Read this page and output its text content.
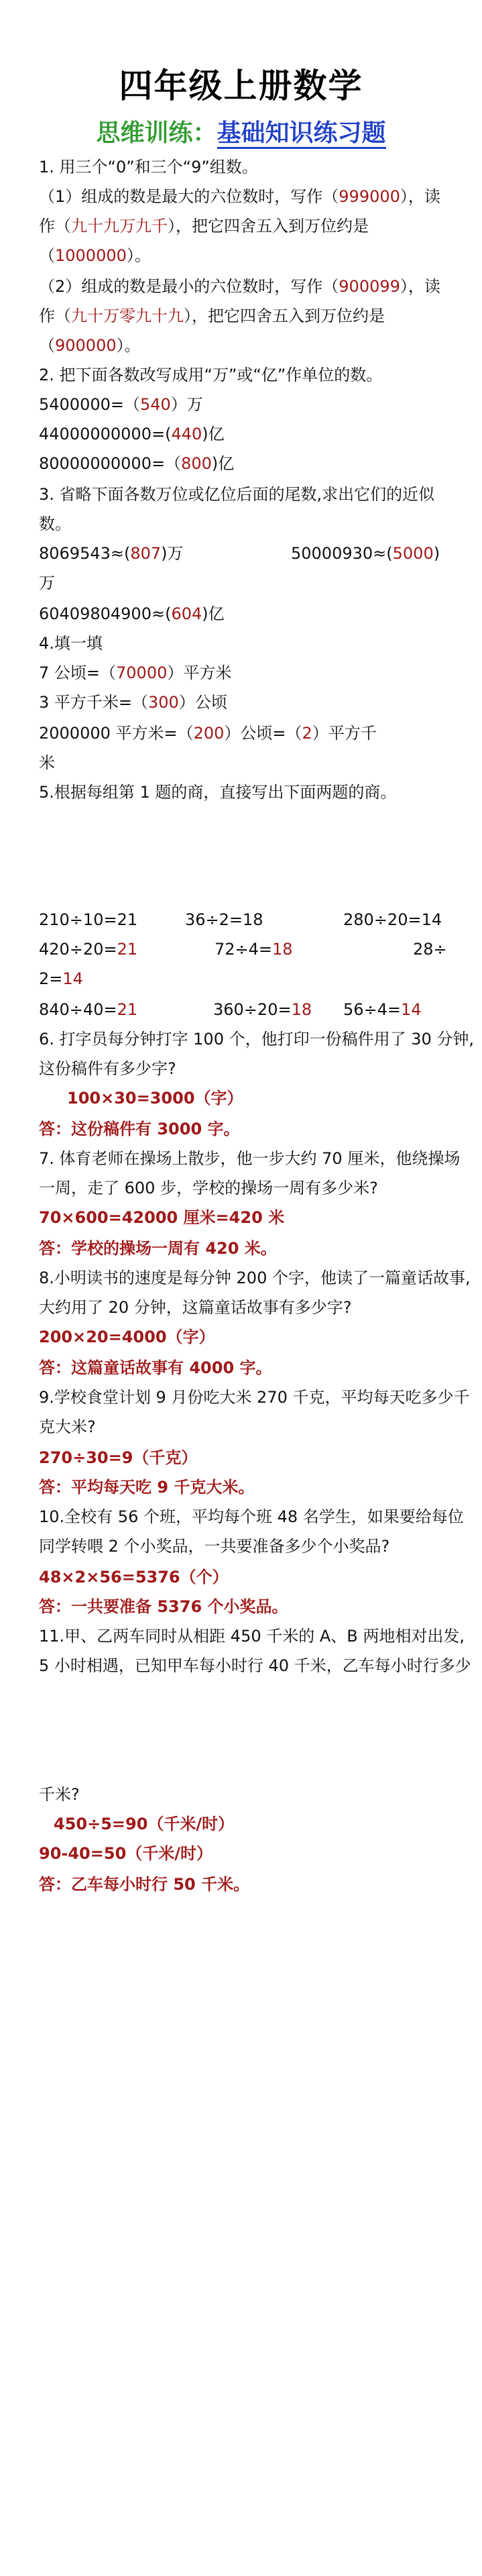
四年级上册数学
思维训练：基础知识练习题
1. 用三个“0”和三个“9”组数。
（1）组成的数是最大的六位数时，写作（999000），读
作（九十九万九千），把它四舍五入到万位约是
（1000000）。
（2）组成的数是最小的六位数时，写作（900099），读
作（九十万零九十九），把它四舍五入到万位约是
（900000）。
2. 把下面各数改写成用“万”或“亿”作单位的数。
5400000=（540）万
44000000000=(440)亿
80000000000=（800)亿
3. 省略下面各数万位或亿位后面的尾数,求出它们的近似
数。
8069543≈(807)万	50000930≈(5000)
万
60409804900≈(604)亿
4.填一填
7 公顷=（70000）平方米
3 平方千米=（300）公顷
2000000 平方米=（200）公顷=（2）平方千
米
5.根据每组第 1 题的商，直接写出下面两题的商。
210÷10=21	36÷2=18	280÷20=14
420÷20=21	72÷4=18	28÷
2=14
840÷40=21	360÷20=18	56÷4=14
6. 打字员每分钟打字 100 个，他打印一份稿件用了 30 分钟,
这份稿件有多少字?
100×30=3000（字）
答：这份稿件有 3000 字。
7. 体育老师在操场上散步，他一步大约 70 厘米，他绕操场
一周，走了 600 步，学校的操场一周有多少米?
70×600=42000 厘米=420 米
答：学校的操场一周有 420 米。
8.小明读书的速度是每分钟 200 个字，他读了一篇童话故事,
大约用了 20 分钟，这篇童话故事有多少字?
200×20=4000（字）
答：这篇童话故事有 4000 字。
9.学校食堂计划 9 月份吃大米 270 千克，平均每天吃多少千
克大米?
270÷30=9（千克）
答：平均每天吃 9 千克大米。
10.全校有 56 个班，平均每个班 48 名学生，如果要给每位
同学转喂 2 个小奖品，一共要准备多少个小奖品?
48×2×56=5376（个）
答：一共要准备 5376 个小奖品。
11.甲、乙两车同时从相距 450 千米的 A、B 两地相对出发,
5 小时相遇，已知甲车每小时行 40 千米，乙车每小时行多少
千米?
450÷5=90（千米/时）
90-40=50（千米/时）
答：乙车每小时行 50 千米。
